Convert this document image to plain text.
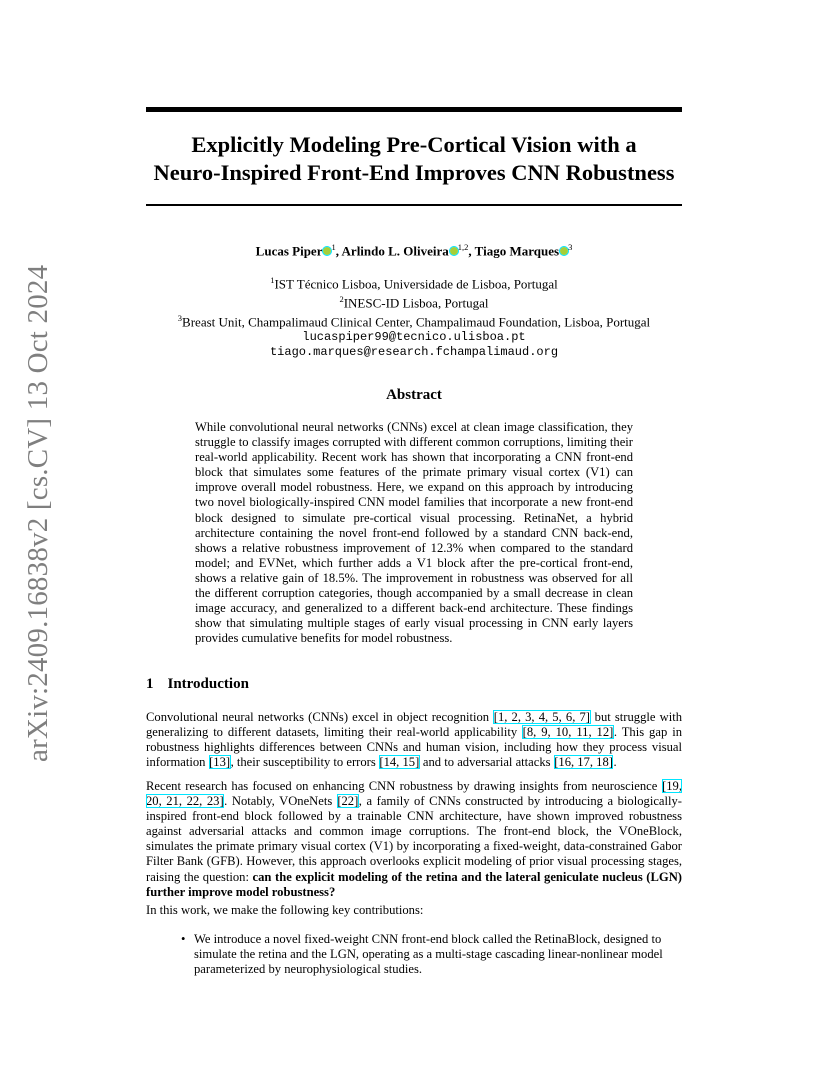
arXiv:2409.16838v2 [cs.CV] 13 Oct 2024
Explicitly Modeling Pre-Cortical Vision with a
Neuro-Inspired Front-End Improves CNN Robustness
Lucas Piper $^1$, Arlindo L. Oliveira $^{1,2}$, Tiago Marques $^3$
$^1$IST Técnico Lisboa, Universidade de Lisboa, Portugal
$^2$INESC-ID Lisboa, Portugal
$^3$Breast Unit, Champalimaud Clinical Center, Champalimaud Foundation, Lisboa, Portugal
lucaspiper99@tecnico.ulisboa.pt
tiago.marques@research.fchampalimaud.org
Abstract
While convolutional neural networks (CNNs) excel at clean image classification, they struggle to classify images corrupted with different common corruptions, limiting their real-world applicability. Recent work has shown that incorporating a CNN front-end block that simulates some features of the primate primary visual cortex (V1) can improve overall model robustness. Here, we expand on this approach by introducing two novel biologically-inspired CNN model families that incorporate a new front-end block designed to simulate pre-cortical visual processing. RetinaNet, a hybrid architecture containing the novel front-end followed by a standard CNN back-end, shows a relative robustness improvement of 12.3% when compared to the standard model; and EVNet, which further adds a V1 block after the pre-cortical front-end, shows a relative gain of 18.5%. The improvement in robustness was observed for all the different corruption categories, though accompanied by a small decrease in clean image accuracy, and generalized to a different back-end architecture. These findings show that simulating multiple stages of early visual processing in CNN early layers provides cumulative benefits for model robustness.
1 Introduction
Convolutional neural networks (CNNs) excel in object recognition [1, 2, 3, 4, 5, 6, 7] but struggle with generalizing to different datasets, limiting their real-world applicability [8, 9, 10, 11, 12]. This gap in robustness highlights differences between CNNs and human vision, including how they process visual information [13], their susceptibility to errors [14, 15] and to adversarial attacks [16, 17, 18].
Recent research has focused on enhancing CNN robustness by drawing insights from neuroscience [19, 20, 21, 22, 23]. Notably, VOneNets [22], a family of CNNs constructed by introducing a biologically-inspired front-end block followed by a trainable CNN architecture, have shown improved robustness against adversarial attacks and common image corruptions. The front-end block, the VOneBlock, simulates the primate primary visual cortex (V1) by incorporating a fixed-weight, data-constrained Gabor Filter Bank (GFB). However, this approach overlooks explicit modeling of prior visual processing stages, raising the question: can the explicit modeling of the retina and the lateral geniculate nucleus (LGN) further improve model robustness?
In this work, we make the following key contributions:
• We introduce a novel fixed-weight CNN front-end block called the RetinaBlock, designed to simulate the retina and the LGN, operating as a multi-stage cascading linear-nonlinear model parameterized by neurophysiological studies.
